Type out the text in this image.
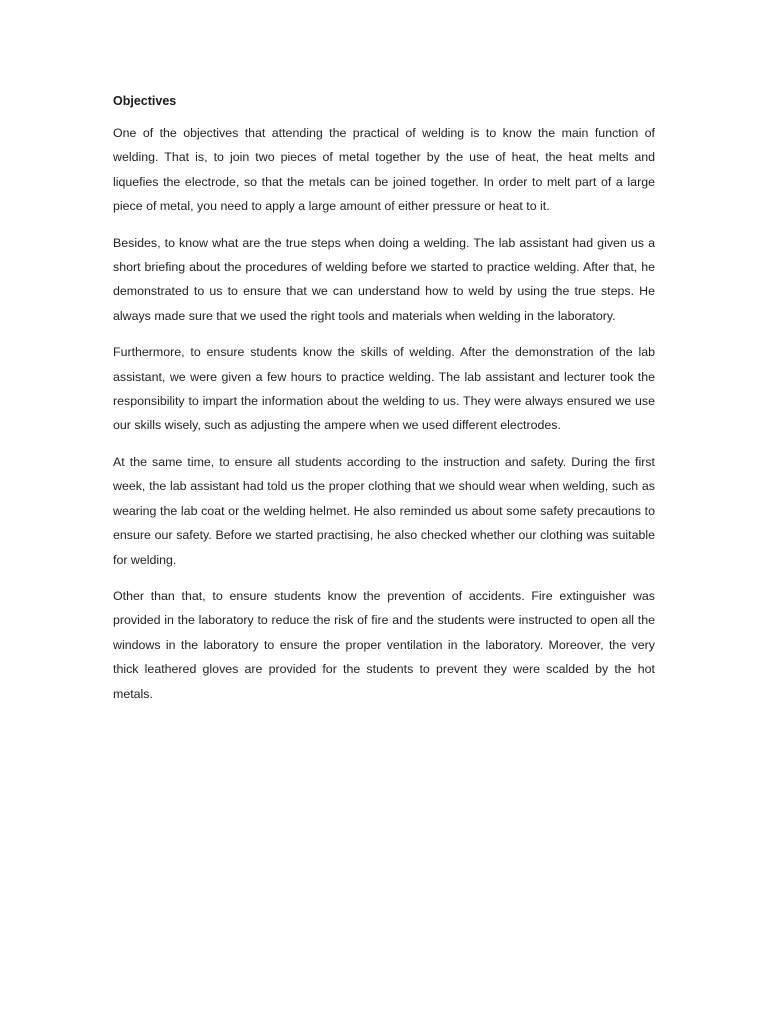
Objectives

One of the objectives that attending the practical of welding is to know the main function of welding. That is, to join two pieces of metal together by the use of heat, the heat melts and liquefies the electrode, so that the metals can be joined together. In order to melt part of a large piece of metal, you need to apply a large amount of either pressure or heat to it.

Besides, to know what are the true steps when doing a welding. The lab assistant had given us a short briefing about the procedures of welding before we started to practice welding. After that, he demonstrated to us to ensure that we can understand how to weld by using the true steps. He always made sure that we used the right tools and materials when welding in the laboratory.

Furthermore, to ensure students know the skills of welding. After the demonstration of the lab assistant, we were given a few hours to practice welding. The lab assistant and lecturer took the responsibility to impart the information about the welding to us. They were always ensured we use our skills wisely, such as adjusting the ampere when we used different electrodes.

At the same time, to ensure all students according to the instruction and safety. During the first week, the lab assistant had told us the proper clothing that we should wear when welding, such as wearing the lab coat or the welding helmet. He also reminded us about some safety precautions to ensure our safety. Before we started practising, he also checked whether our clothing was suitable for welding.

Other than that, to ensure students know the prevention of accidents. Fire extinguisher was provided in the laboratory to reduce the risk of fire and the students were instructed to open all the windows in the laboratory to ensure the proper ventilation in the laboratory. Moreover, the very thick leathered gloves are provided for the students to prevent they were scalded by the hot metals.
